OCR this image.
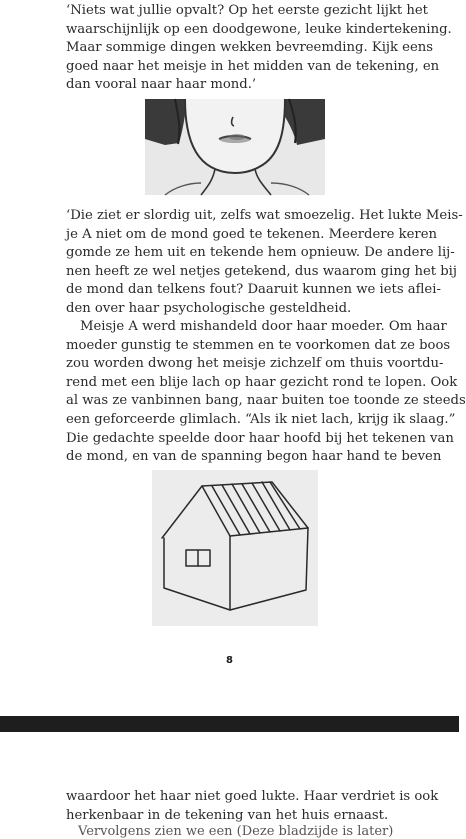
‘Niets wat jullie opvalt? Op het eerste gezicht lijkt het
waarschijnlijk op een doodgewone, leuke kindertekening.
Maar sommige dingen wekken bevreemding. Kijk eens
goed naar het meisje in het midden van de tekening, en
dan vooral naar haar mond.’

‘Die ziet er slordig uit, zelfs wat smoezelig. Het lukte Meis-
je A niet om de mond goed te tekenen. Meerdere keren
gomde ze hem uit en tekende hem opnieuw. De andere lij-
nen heeft ze wel netjes getekend, dus waarom ging het bij
de mond dan telkens fout? Daaruit kunnen we iets aflei-
den over haar psychologische gesteldheid.

Meisje A werd mishandeld door haar moeder. Om haar
moeder gunstig te stemmen en te voorkomen dat ze boos
zou worden dwong het meisje zichzelf om thuis voortdu-
rend met een blije lach op haar gezicht rond te lopen. Ook
al was ze vanbinnen bang, naar buiten toe toonde ze steeds
een geforceerde glimlach. “Als ik niet lach, krijg ik slaag.”
Die gedachte speelde door haar hoofd bij het tekenen van
de mond, en van de spanning begon haar hand te beven

8

waardoor het haar niet goed lukte. Haar verdriet is ook
herkenbaar in de tekening van het huis ernaast.

Vervolgens zien we een (Deze bladzijde is later)
